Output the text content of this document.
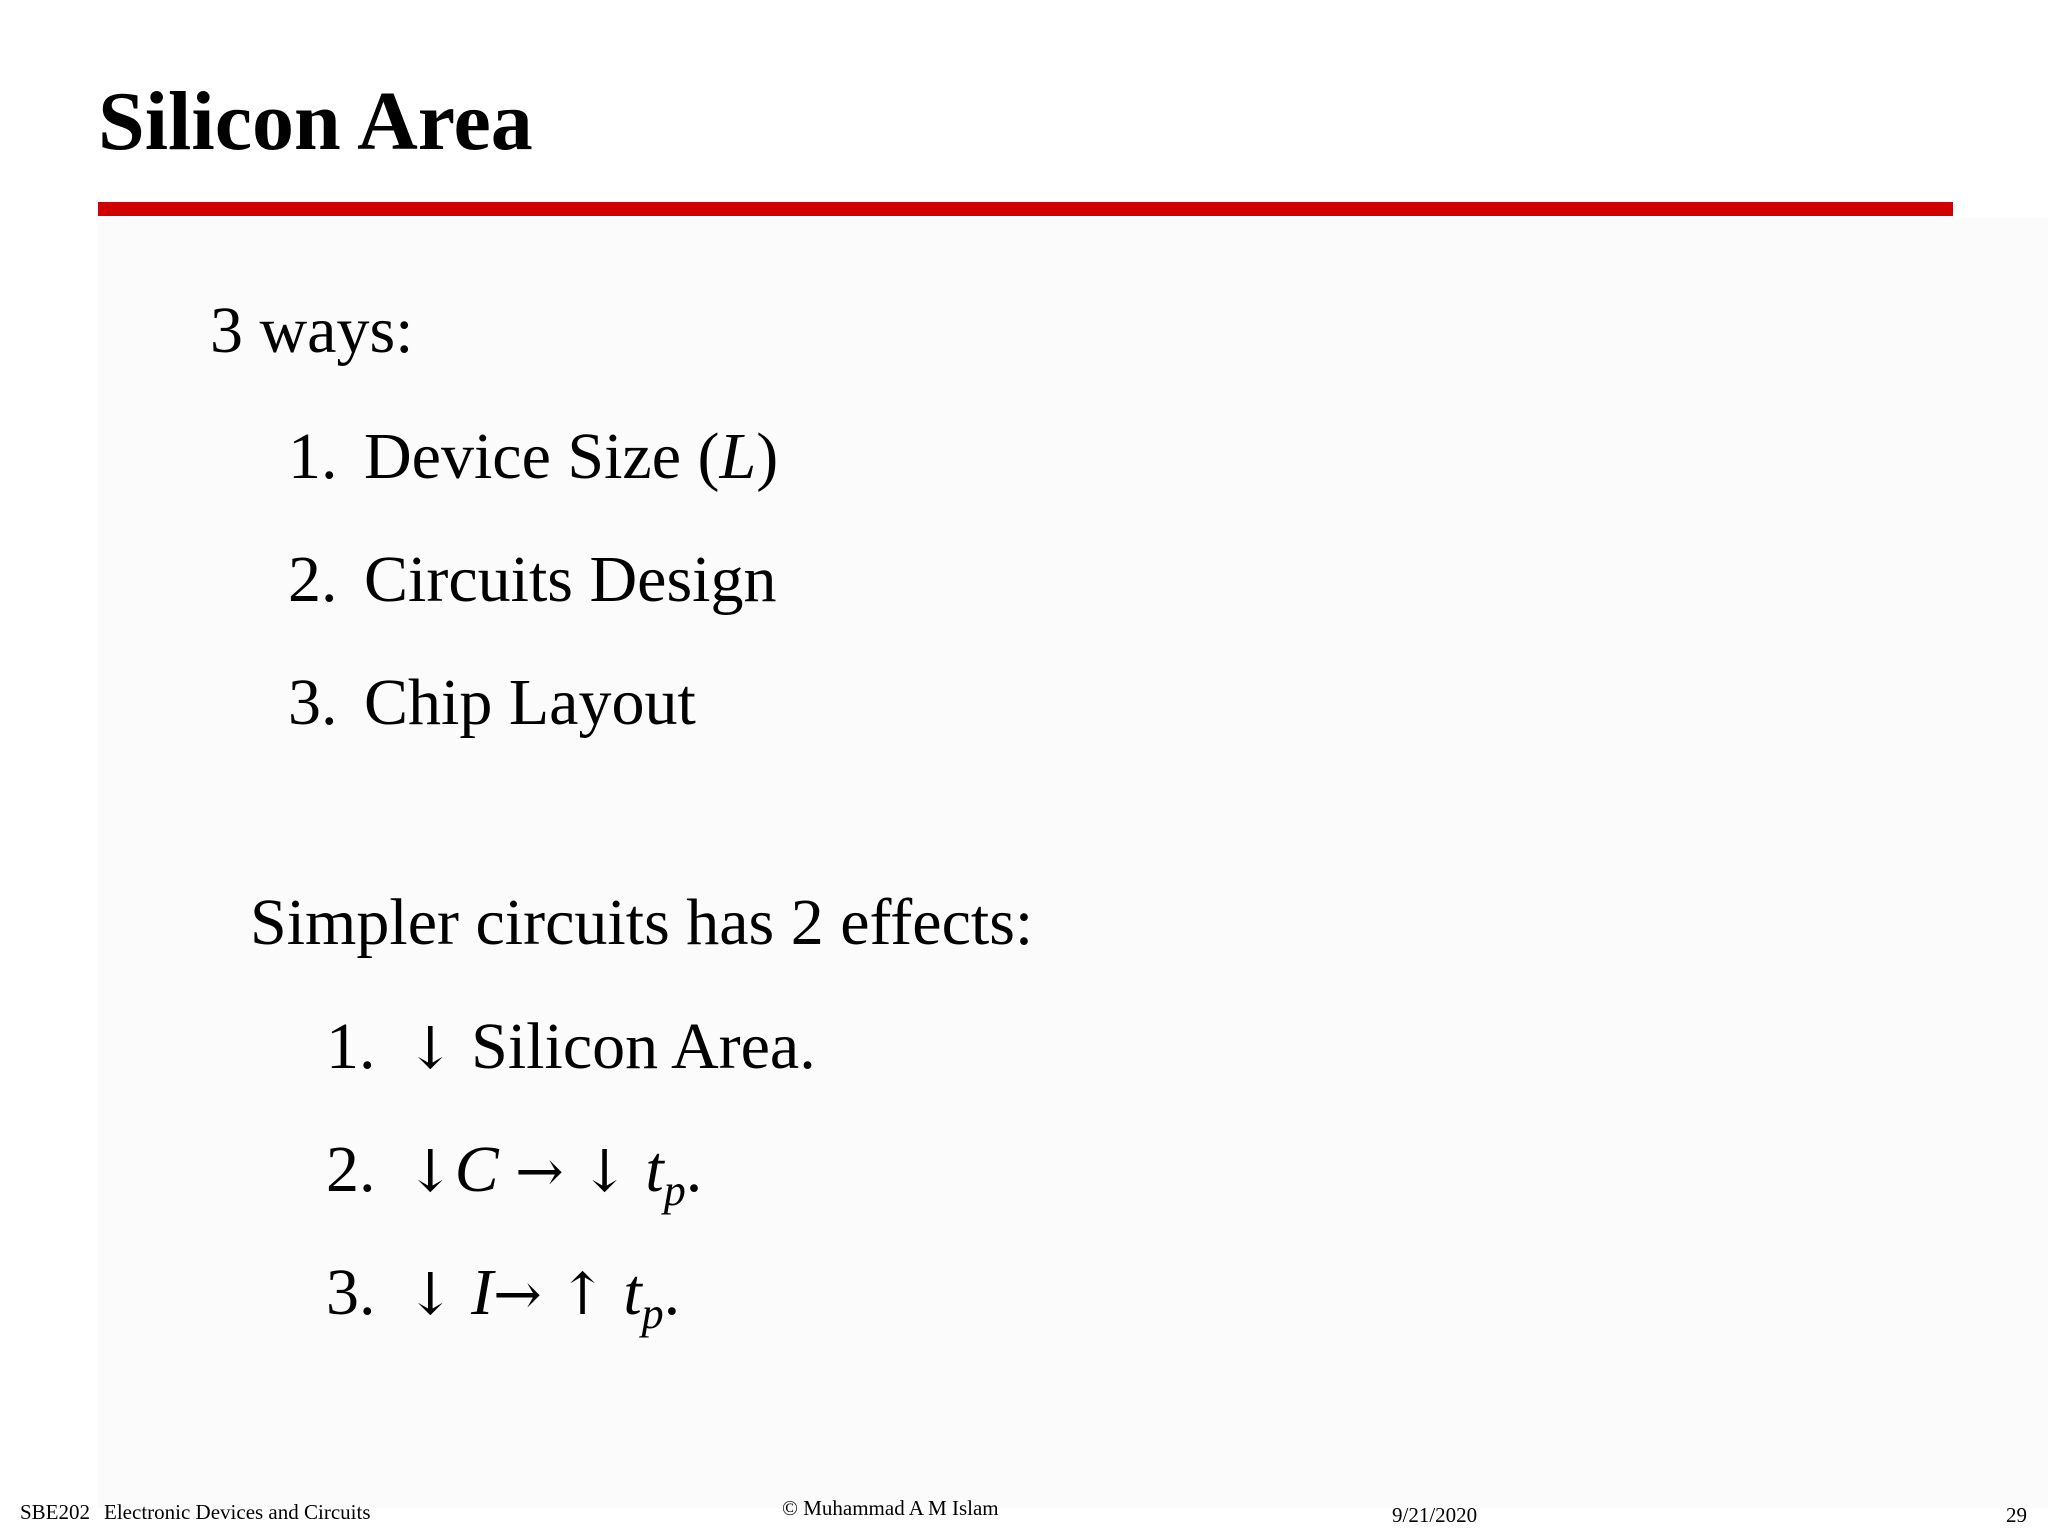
Silicon Area
3 ways:
1. Device Size (L)
2. Circuits Design
3. Chip Layout
Simpler circuits has 2 effects:
1. ↓ Silicon Area.
2. ↓C → ↓ $t_p$.
3. ↓ I→ ↑ $t_p$.
SBE202 Electronic Devices and Circuits	© Muhammad A M Islam	9/21/2020	29
